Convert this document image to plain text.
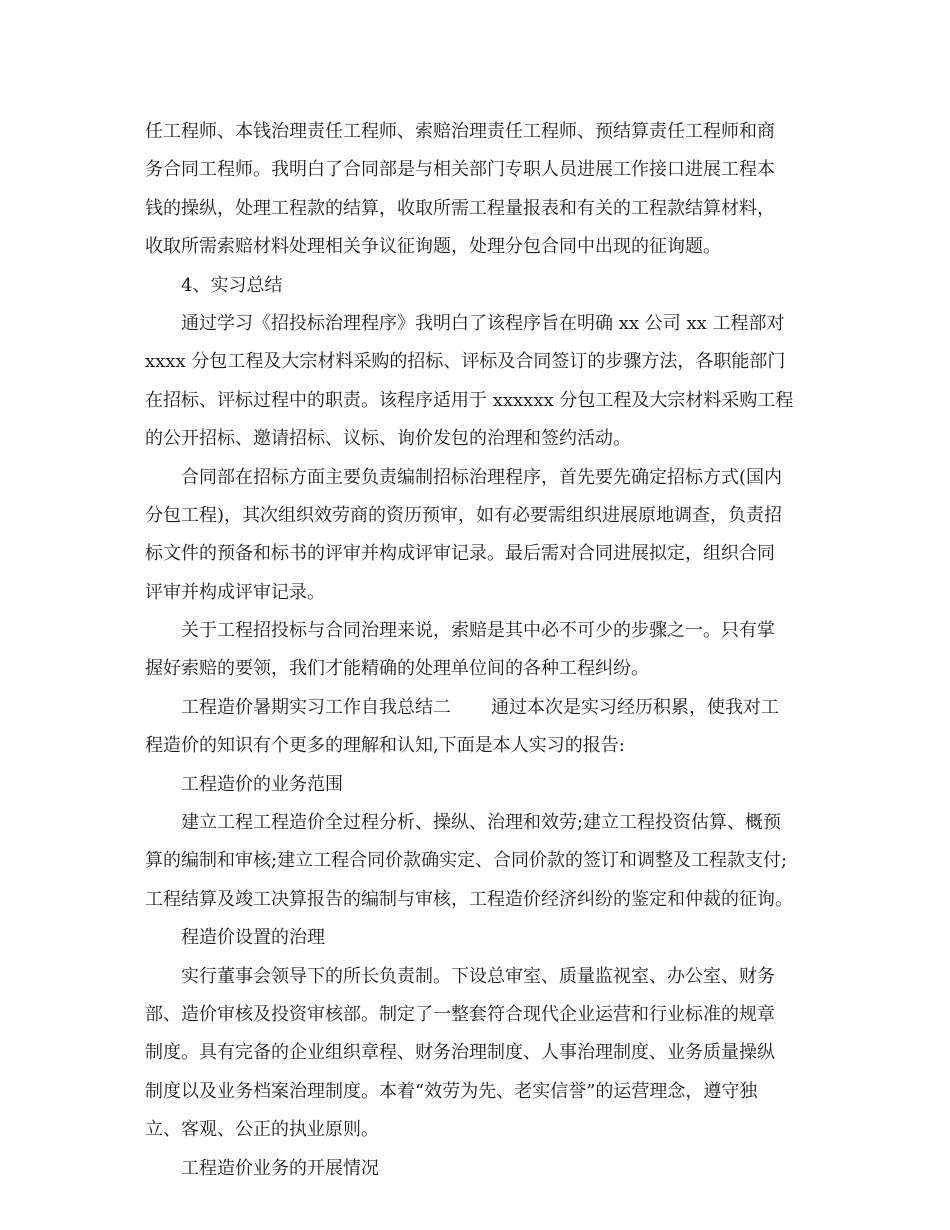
任工程师、本钱治理责任工程师、索赔治理责任工程师、预结算责任工程师和商
务合同工程师。我明白了合同部是与相关部门专职人员进展工作接口进展工程本
钱的操纵，处理工程款的结算，收取所需工程量报表和有关的工程款结算材料，
收取所需索赔材料处理相关争议征询题，处理分包合同中出现的征询题。
4、实习总结
通过学习《招投标治理程序》我明白了该程序旨在明确 xx 公司 xx 工程部对
xxxx 分包工程及大宗材料采购的招标、评标及合同签订的步骤方法，各职能部门
在招标、评标过程中的职责。该程序适用于 xxxxxx 分包工程及大宗材料采购工程
的公开招标、邀请招标、议标、询价发包的治理和签约活动。
合同部在招标方面主要负责编制招标治理程序，首先要先确定招标方式(国内
分包工程)，其次组织效劳商的资历预审，如有必要需组织进展原地调查，负责招
标文件的预备和标书的评审并构成评审记录。最后需对合同进展拟定，组织合同
评审并构成评审记录。
关于工程招投标与合同治理来说，索赔是其中必不可少的步骤之一。只有掌
握好索赔的要领，我们才能精确的处理单位间的各种工程纠纷。
工程造价暑期实习工作自我总结二 通过本次是实习经历积累，使我对工
程造价的知识有个更多的理解和认知,下面是本人实习的报告:
工程造价的业务范围
建立工程工程造价全过程分析、操纵、治理和效劳;建立工程投资估算、概预
算的编制和审核;建立工程合同价款确实定、合同价款的签订和调整及工程款支付;
工程结算及竣工决算报告的编制与审核，工程造价经济纠纷的鉴定和仲裁的征询。
程造价设置的治理
实行董事会领导下的所长负责制。下设总审室、质量监视室、办公室、财务
部、造价审核及投资审核部。制定了一整套符合现代企业运营和行业标准的规章
制度。具有完备的企业组织章程、财务治理制度、人事治理制度、业务质量操纵
制度以及业务档案治理制度。本着“效劳为先、老实信誉”的运营理念，遵守独
立、客观、公正的执业原则。
工程造价业务的开展情况
